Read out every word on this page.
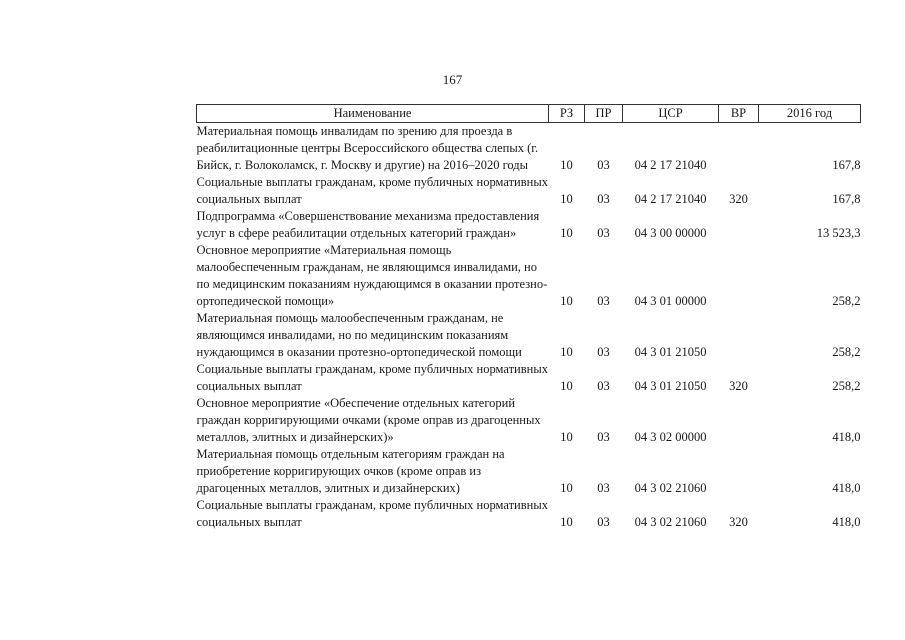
167
Наименование	РЗ	ПР	ЦСР	ВР	2016 год
Материальная помощь инвалидам по зрению для проезда в реабилитационные центры Всероссийского общества слепых (г. Бийск, г. Волоколамск, г. Москву и другие) на 2016–2020 годы	10	03	04 2 17 21040		167,8
Социальные выплаты гражданам, кроме публичных нормативных социальных выплат	10	03	04 2 17 21040	320	167,8
Подпрограмма «Совершенствование механизма предоставления услуг в сфере реабилитации отдельных категорий граждан»	10	03	04 3 00 00000		13 523,3
Основное мероприятие «Материальная помощь малообеспеченным гражданам, не являющимся инвалидами, но по медицинским показаниям нуждающимся в оказании протезно-ортопедической помощи»	10	03	04 3 01 00000		258,2
Материальная помощь малообеспеченным гражданам, не являющимся инвалидами, но по медицинским показаниям нуждающимся в оказании протезно-ортопедической помощи	10	03	04 3 01 21050		258,2
Социальные выплаты гражданам, кроме публичных нормативных социальных выплат	10	03	04 3 01 21050	320	258,2
Основное мероприятие «Обеспечение отдельных категорий граждан корригирующими очками (кроме оправ из драгоценных металлов, элитных и дизайнерских)»	10	03	04 3 02 00000		418,0
Материальная помощь отдельным категориям граждан на приобретение корригирующих очков (кроме оправ из драгоценных металлов, элитных и дизайнерских)	10	03	04 3 02 21060		418,0
Социальные выплаты гражданам, кроме публичных нормативных социальных выплат	10	03	04 3 02 21060	320	418,0
